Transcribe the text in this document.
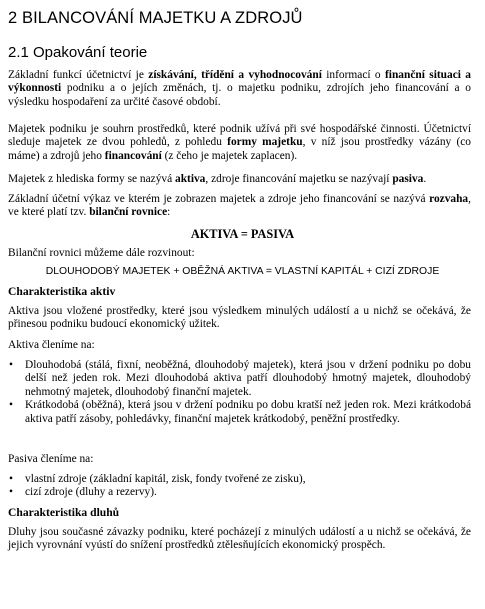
2 BILANCOVÁNÍ MAJETKU A ZDROJŮ
2.1 Opakování teorie

Základní funkcí účetnictví je získávání, třídění a vyhodnocování informací o finanční situaci a výkonnosti podniku a o jejích změnách, tj. o majetku podniku, zdrojích jeho financování a o výsledku hospodaření za určité časové období.

Majetek podniku je souhrn prostředků, které podnik užívá při své hospodářské činnosti. Účetnictví sleduje majetek ze dvou pohledů, z pohledu formy majetku, v níž jsou prostředky vázány (co máme) a zdrojů jeho financování (z čeho je majetek zaplacen).

Majetek z hlediska formy se nazývá aktiva, zdroje financování majetku se nazývají pasiva.

Základní účetní výkaz ve kterém je zobrazen majetek a zdroje jeho financování se nazývá rozvaha, ve které platí tzv. bilanční rovnice:

AKTIVA = PASIVA

Bilanční rovnici můžeme dále rozvinout:

DLOUHODOBÝ MAJETEK + OBĚŽNÁ AKTIVA = VLASTNÍ KAPITÁL + CIZÍ ZDROJE
Charakteristika aktiv

Aktiva jsou vložené prostředky, které jsou výsledkem minulých událostí a u nichž se očekává, že přinesou podniku budoucí ekonomický užitek.

Aktiva členíme na:

• Dlouhodobá (stálá, fixní, neoběžná, dlouhodobý majetek), která jsou v držení podniku po dobu delší než jeden rok. Mezi dlouhodobá aktiva patří dlouhodobý hmotný majetek, dlouhodobý nehmotný majetek, dlouhodobý finanční majetek.
• Krátkodobá (oběžná), která jsou v držení podniku po dobu kratší než jeden rok. Mezi krátkodobá aktiva patří zásoby, pohledávky, finanční majetek krátkodobý, peněžní prostředky.

Pasiva členíme na:

• vlastní zdroje (základní kapitál, zisk, fondy tvořené ze zisku),
• cizí zdroje (dluhy a rezervy).
Charakteristika dluhů

Dluhy jsou současné závazky podniku, které pocházejí z minulých událostí a u nichž se očekává, že jejich vyrovnání vyústí do snížení prostředků ztělesňujících ekonomický prospěch.
